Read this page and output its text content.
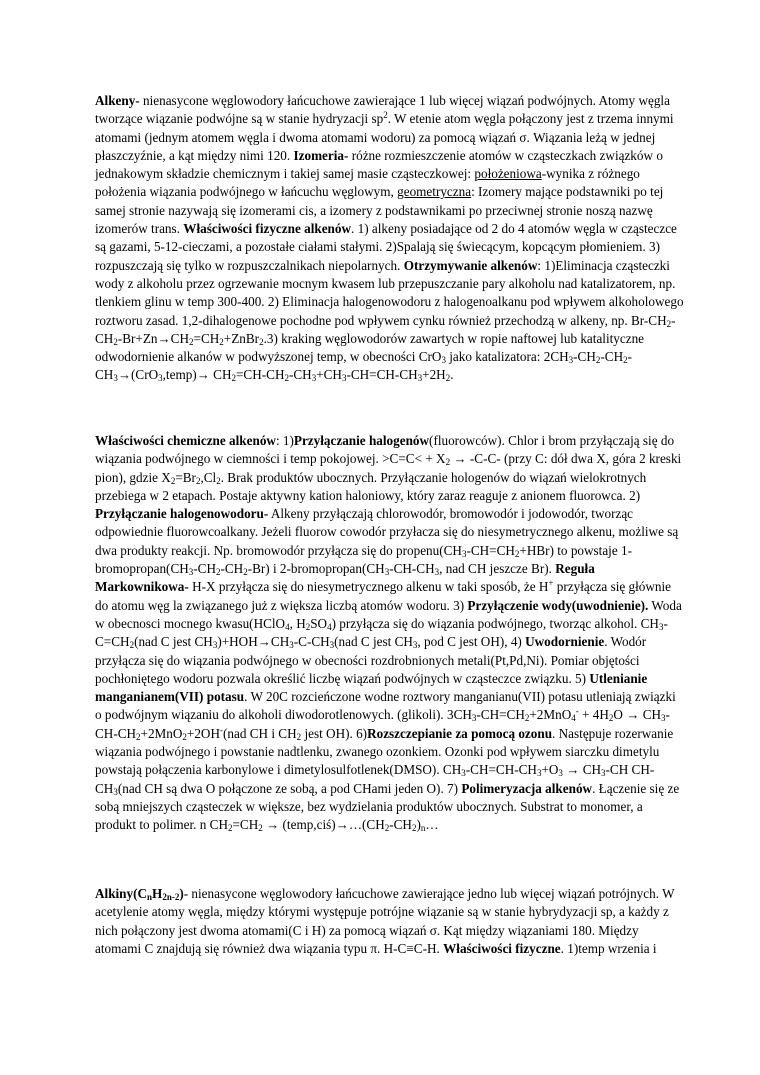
Alkeny- nienasycone węglowodory łańcuchowe zawierające 1 lub więcej wiązań podwójnych. Atomy węgla tworzące wiązanie podwójne są w stanie hydryzacji $sp^2$. W etenie atom węgla połączony jest z trzema innymi atomami (jednym atomem węgla i dwoma atomami wodoru) za pomocą wiązań σ. Wiązania leżą w jednej płaszczyźnie, a kąt między nimi 120. Izomeria- różne rozmieszczenie atomów w cząsteczkach związków o jednakowym składzie chemicznym i takiej samej masie cząsteczkowej: położeniowa-wynika z różnego położenia wiązania podwójnego w łańcuchu węglowym, geometryczna: Izomery mające podstawniki po tej samej stronie nazywają się izomerami cis, a izomery z podstawnikami po przeciwnej stronie noszą nazwę izomerów trans. Właściwości fizyczne alkenów. 1) alkeny posiadające od 2 do 4 atomów węgla w cząsteczce są gazami, 5-12-cieczami, a pozostałe ciałami stałymi. 2)Spalają się świecącym, kopcącym płomieniem. 3) rozpuszczają się tylko w rozpuszczalnikach niepolarnych. Otrzymywanie alkenów: 1)Eliminacja cząsteczki wody z alkoholu przez ogrzewanie mocnym kwasem lub przepuszczanie pary alkoholu nad katalizatorem, np. tlenkiem glinu w temp 300-400. 2) Eliminacja halogenowodoru z halogenoalkanu pod wpływem alkoholowego roztworu zasad. 1,2-dihalogenowe pochodne pod wpływem cynku również przechodzą w alkeny, np. $Br-CH_2-CH_2-Br+Zn\to CH_2=CH_2+ZnBr_2.3$) kraking węglowodorów zawartych w ropie naftowej lub katalityczne odwodornienie alkanów w podwyższonej temp, w obecności CrO$_3$ jako katalizatora: $2CH_3-CH_2-CH_2-CH_3\to(CrO_3,temp)\to CH_2=CH-CH_2-CH_3+CH_3-CH=CH-CH_3+2H_2$.

Właściwości chemiczne alkenów: 1)Przyłączanie halogenów(fluorowców). Chlor i brom przyłączają się do wiązania podwójnego w ciemności i temp pokojowej. $>C=C< + X_2 \to -C-C-$ (przy C: dół dwa X, góra 2 kreski pion), gdzie $X_2=Br_2,Cl_2$. Brak produktów ubocznych. Przyłączanie hologenów do wiązań wielokrotnych przebiega w 2 etapach. Postaje aktywny kation haloniowy, który zaraz reaguje z anionem fluorowca. 2) Przyłączanie halogenowodoru- Alkeny przyłączają chlorowodór, bromowodór i jodowodór, tworząc odpowiednie fluorowcoalkany. Jeżeli fluorow cowodór przyłacza się do niesymetrycznego alkenu, możliwe są dwa produkty reakcji. Np. bromowodór przyłącza się do $propenu(CH_3-CH=CH_2+HBr)$ to powstaje $1-bromopropan(CH_3-CH_2-CH_2-Br)$ i $2-bromopropan(CH_3-CH-CH_3$, nad CH jeszcze Br). Reguła Markownikowa- H-X przyłącza się do niesymetrycznego alkenu w taki sposób, że H+ przyłącza się głównie do atomu węg la związanego już z większa liczbą atomów wodoru. 3) Przyłączenie wody(uwodnienie). Woda w obecnosci mocnego kwasu(HClO$_4$, $H_2SO_4$) przyłącza się do wiązania podwójnego, tworząc alkohol. $CH_3-C=CH_2(nad$ C jest $CH_3)+HOH\to CH_3-C-CH_3(nad$ C jest $CH_3$, pod C jest OH), 4) Uwodornienie. Wodór przyłącza się do wiązania podwójnego w obecności rozdrobnionych metali(Pt,Pd,Ni). Pomiar objętości pochłoniętego wodoru pozwala określić liczbę wiązań podwójnych w cząsteczce związku. 5) Utlenianie manganianem(VII) potasu. W 20C rozcieńczone wodne roztwory manganianu(VII) potasu utleniają związki o podwójnym wiązaniu do alkoholi diwodorotlenowych. (glikoli). $3CH_3-CH=CH_2+2MnO_4^- + 4H_2O \to CH_3-CH-CH_2+2MnO_2+2OH^-(nad$ CH i $CH_2$ jest OH). 6)Rozszczepianie za pomocą ozonu. Następuje rozerwanie wiązania podwójnego i powstanie nadtlenku, zwanego ozonkiem. Ozonki pod wpływem siarczku dimetylu powstają połączenia karbonylowe i dimetylosulfotlenek(DMSO). $CH_3-CH=CH-CH_3+O_3 \to CH_3-CH$ $CH-CH_3(nad$ CH są dwa O połączone ze sobą, a pod CHami jeden O). 7) Polimeryzacja alkenów. Łączenie się ze sobą mniejszych cząsteczek w większe, bez wydzielania produktów ubocznych. Substrat to monomer, a produkt to polimer. n $CH_2=CH_2$ → $(temp,ciś)\to\dots(CH_2-CH_2)_n\dots$

$Alkiny(C_nH_{2n-2})-$ nienasycone węglowodory łańcuchowe zawierające jedno lub więcej wiązań potrójnych. W acetylenie atomy węgla, między którymi występuje potrójne wiązanie są w stanie hybrydyzacji sp, a każdy z nich połączony jest dwoma atomami(C i H) za pomocą wiązań σ. Kąt między wiązaniami 180. Między atomami C znajdują się również dwa wiązania typu π. H-C≡C-H. Właściwości fizyczne. 1)temp wrzenia i
